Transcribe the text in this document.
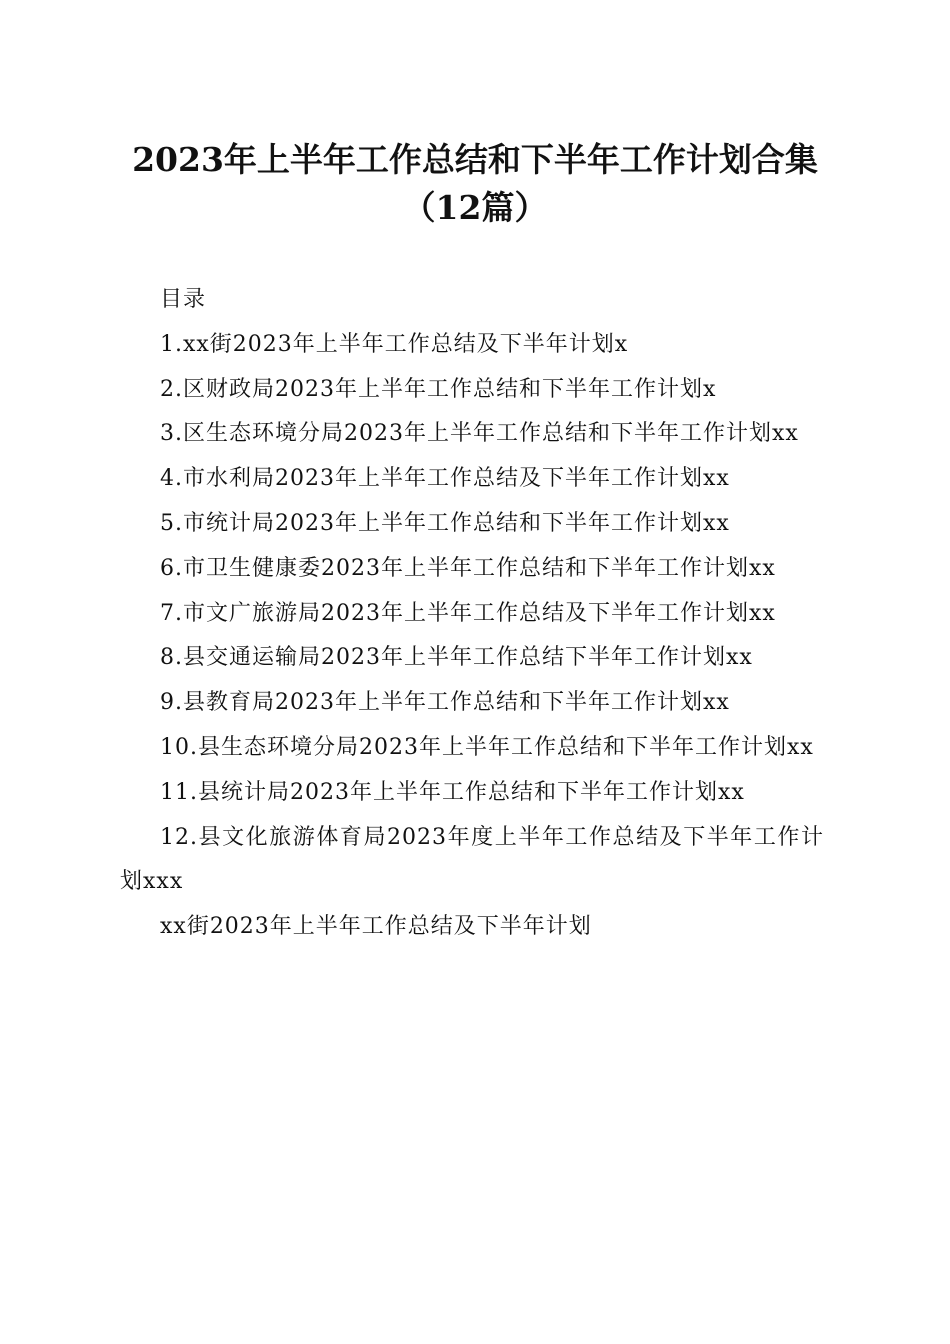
2023年上半年工作总结和下半年工作计划合集（12篇）

目录

1.xx街2023年上半年工作总结及下半年计划x

2.区财政局2023年上半年工作总结和下半年工作计划x

3.区生态环境分局2023年上半年工作总结和下半年工作计划xx

4.市水利局2023年上半年工作总结及下半年工作计划xx

5.市统计局2023年上半年工作总结和下半年工作计划xx

6.市卫生健康委2023年上半年工作总结和下半年工作计划xx

7.市文广旅游局2023年上半年工作总结及下半年工作计划xx

8.县交通运输局2023年上半年工作总结下半年工作计划xx

9.县教育局2023年上半年工作总结和下半年工作计划xx

10.县生态环境分局2023年上半年工作总结和下半年工作计划xx

11.县统计局2023年上半年工作总结和下半年工作计划xx

12.县文化旅游体育局2023年度上半年工作总结及下半年工作计划xxx

xx街2023年上半年工作总结及下半年计划
